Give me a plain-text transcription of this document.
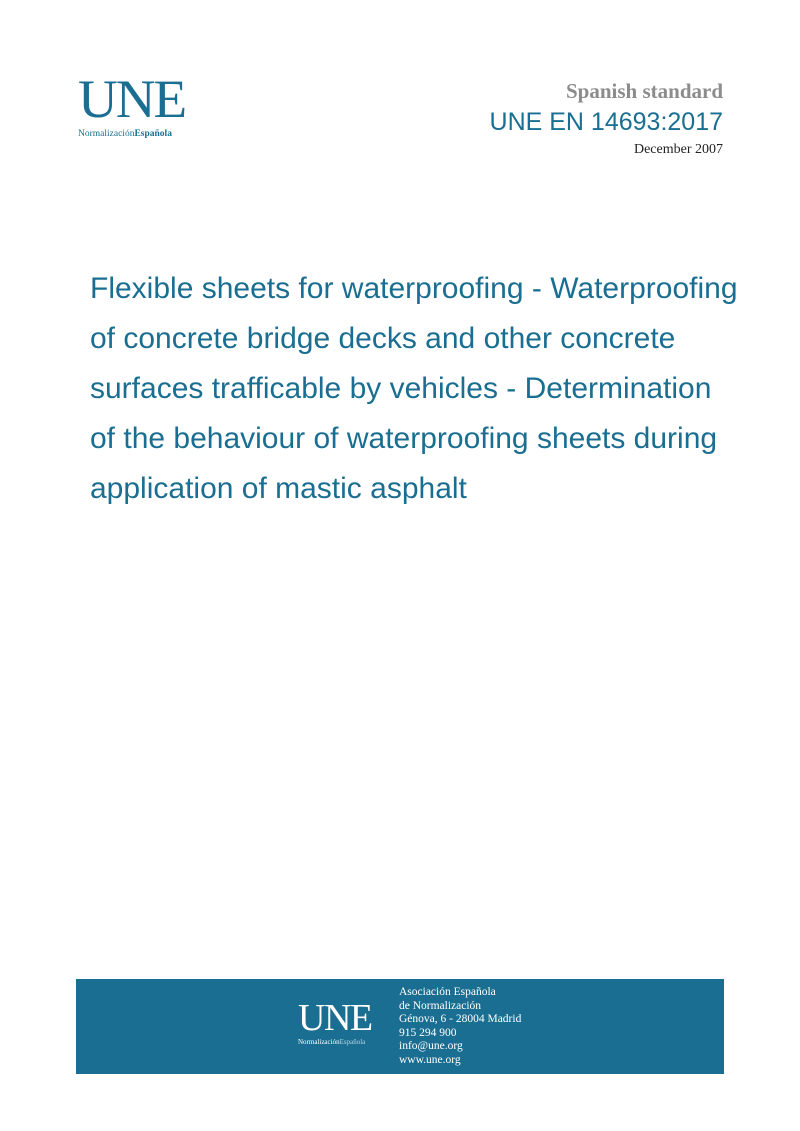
UNE
NormalizaciónEspañola
Spanish standard
UNE EN 14693:2017
December 2007
Flexible sheets for waterproofing - Waterproofing
of concrete bridge decks and other concrete
surfaces trafficable by vehicles - Determination
of the behaviour of waterproofing sheets during
application of mastic asphalt
UNE
NormalizaciónEspañola
Asociación Española
de Normalización
Génova, 6 - 28004 Madrid
915 294 900
info@une.org
www.une.org
